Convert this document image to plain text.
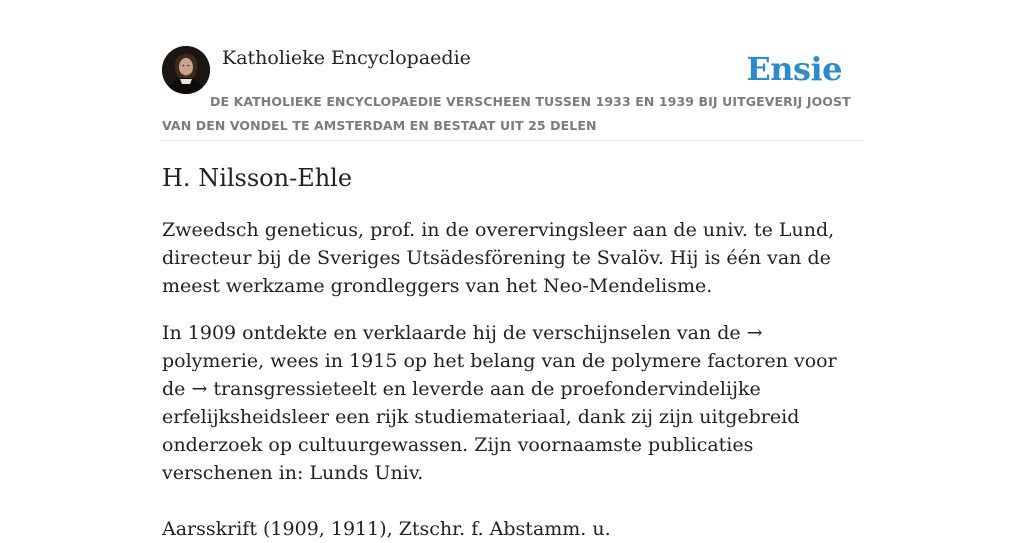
Katholieke Encyclopaedie	Ensie
DE KATHOLIEKE ENCYCLOPAEDIE VERSCHEEN TUSSEN 1933 EN 1939 BIJ UITGEVERIJ JOOST VAN DEN VONDEL TE AMSTERDAM EN BESTAAT UIT 25 DELEN
H. Nilsson-Ehle

Zweedsch geneticus, prof. in de overervingsleer aan de univ. te Lund, directeur bij de Sveriges Utsädesförening te Svalöv. Hij is één van de meest werkzame grondleggers van het Neo-Mendelisme.

In 1909 ontdekte en verklaarde hij de verschijnselen van de → polymerie, wees in 1915 op het belang van de polymere factoren voor de → transgressieteelt en leverde aan de proefondervindelijke erfelijksheidsleer een rijk studiemateriaal, dank zij zijn uitgebreid onderzoek op cultuurgewassen. Zijn voornaamste publicaties verschenen in: Lunds Univ.

Aarsskrift (1909, 1911), Ztschr. f. Abstamm. u.
